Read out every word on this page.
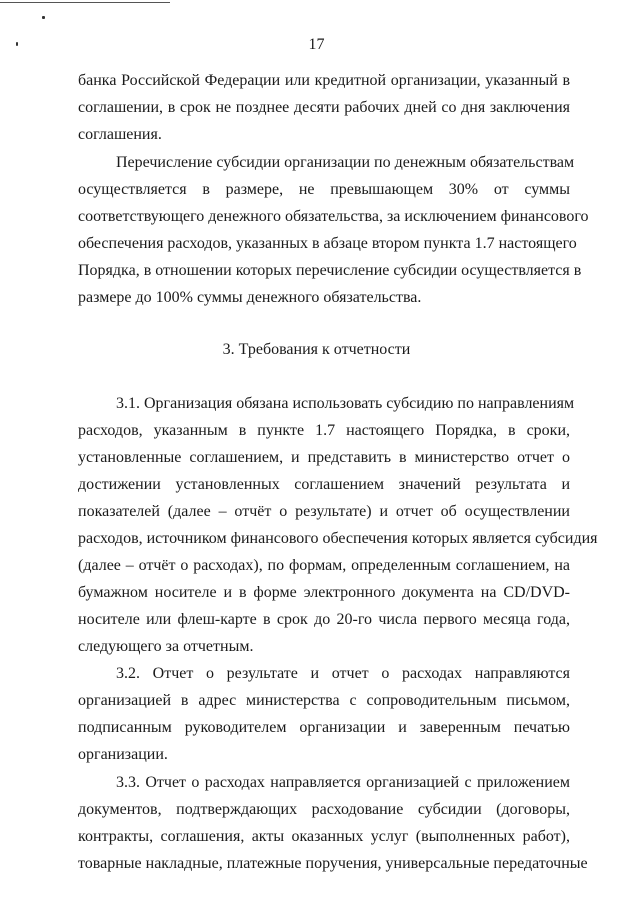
17
банка Российской Федерации или кредитной организации, указанный в
соглашении, в срок не позднее десяти рабочих дней со дня заключения
соглашения.
Перечисление субсидии организации по денежным обязательствам
осуществляется в размере, не превышающем 30% от суммы
соответствующего денежного обязательства, за исключением финансового
обеспечения расходов, указанных в абзаце втором пункта 1.7 настоящего
Порядка, в отношении которых перечисление субсидии осуществляется в
размере до 100% суммы денежного обязательства.
3. Требования к отчетности
3.1. Организация обязана использовать субсидию по направлениям
расходов, указанным в пункте 1.7 настоящего Порядка, в сроки,
установленные соглашением, и представить в министерство отчет о
достижении установленных соглашением значений результата и
показателей (далее – отчёт о результате) и отчет об осуществлении
расходов, источником финансового обеспечения которых является субсидия
(далее – отчёт о расходах), по формам, определенным соглашением, на
бумажном носителе и в форме электронного документа на CD/DVD-
носителе или флеш-карте в срок до 20-го числа первого месяца года,
следующего за отчетным.
3.2. Отчет о результате и отчет о расходах направляются
организацией в адрес министерства с сопроводительным письмом,
подписанным руководителем организации и заверенным печатью
организации.
3.3. Отчет о расходах направляется организацией с приложением
документов, подтверждающих расходование субсидии (договоры,
контракты, соглашения, акты оказанных услуг (выполненных работ),
товарные накладные, платежные поручения, универсальные передаточные
